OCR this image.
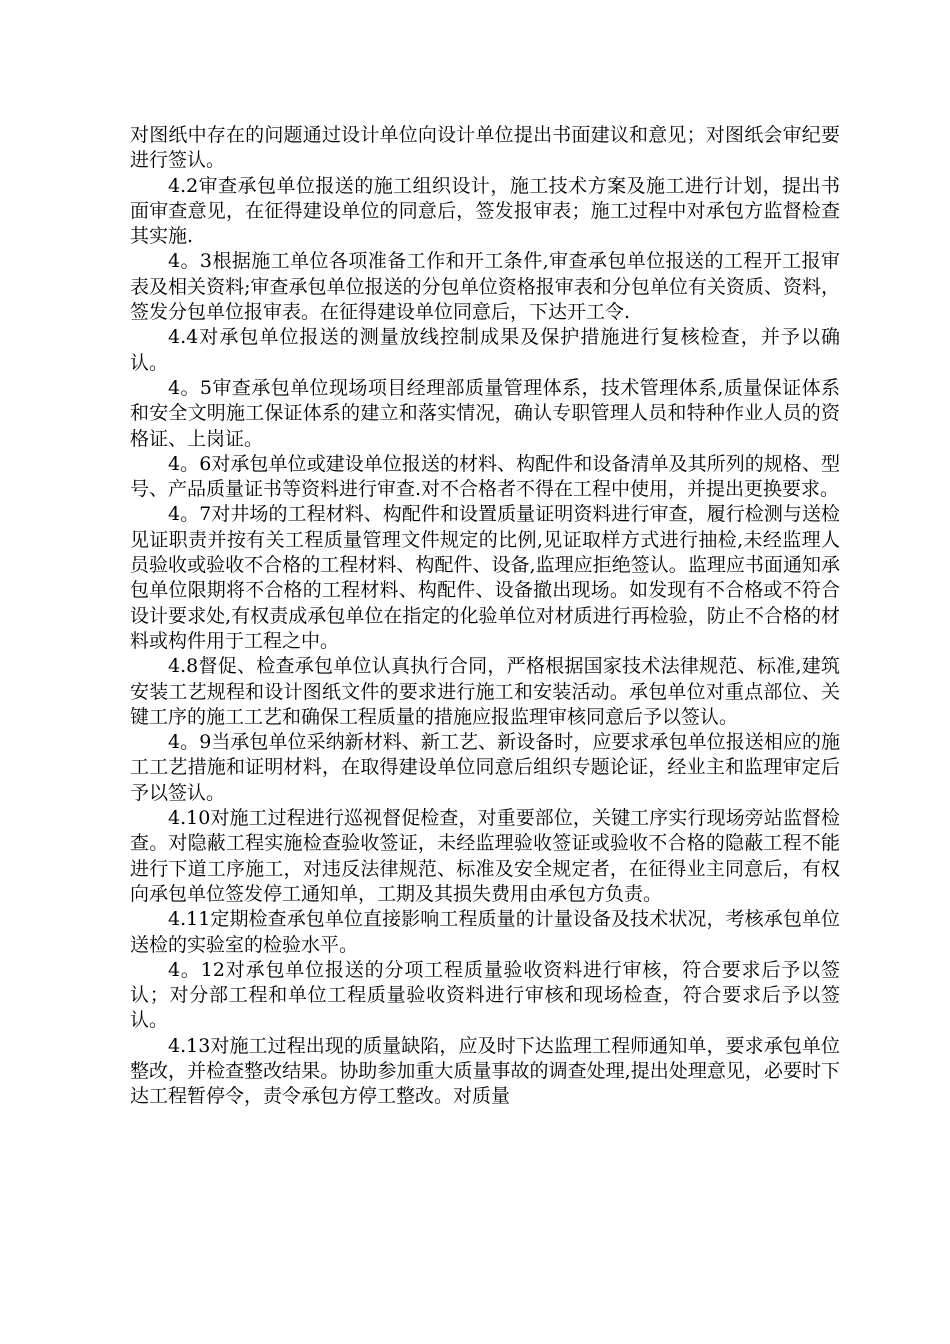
对图纸中存在的问题通过设计单位向设计单位提出书面建议和意见；对图纸会审纪要进行签认。

4.2审查承包单位报送的施工组织设计，施工技术方案及施工进行计划，提出书面审查意见，在征得建设单位的同意后，签发报审表；施工过程中对承包方监督检查其实施.

4。3根据施工单位各项准备工作和开工条件,审查承包单位报送的工程开工报审表及相关资料;审查承包单位报送的分包单位资格报审表和分包单位有关资质、资料，签发分包单位报审表。在征得建设单位同意后，下达开工令.

4.4对承包单位报送的测量放线控制成果及保护措施进行复核检查，并予以确认。

4。5审查承包单位现场项目经理部质量管理体系，技术管理体系,质量保证体系和安全文明施工保证体系的建立和落实情况，确认专职管理人员和特种作业人员的资格证、上岗证。

4。6对承包单位或建设单位报送的材料、构配件和设备清单及其所列的规格、型号、产品质量证书等资料进行审查.对不合格者不得在工程中使用，并提出更换要求。

4。7对井场的工程材料、构配件和设置质量证明资料进行审查，履行检测与送检见证职责并按有关工程质量管理文件规定的比例,见证取样方式进行抽检,未经监理人员验收或验收不合格的工程材料、构配件、设备,监理应拒绝签认。监理应书面通知承包单位限期将不合格的工程材料、构配件、设备撤出现场。如发现有不合格或不符合设计要求处,有权责成承包单位在指定的化验单位对材质进行再检验，防止不合格的材料或构件用于工程之中。

4.8督促、检查承包单位认真执行合同，严格根据国家技术法律规范、标准,建筑安装工艺规程和设计图纸文件的要求进行施工和安装活动。承包单位对重点部位、关键工序的施工工艺和确保工程质量的措施应报监理审核同意后予以签认。

4。9当承包单位采纳新材料、新工艺、新设备时，应要求承包单位报送相应的施工工艺措施和证明材料，在取得建设单位同意后组织专题论证，经业主和监理审定后予以签认。

4.10对施工过程进行巡视督促检查，对重要部位，关键工序实行现场旁站监督检查。对隐蔽工程实施检查验收签证，未经监理验收签证或验收不合格的隐蔽工程不能进行下道工序施工，对违反法律规范、标准及安全规定者，在征得业主同意后，有权向承包单位签发停工通知单，工期及其损失费用由承包方负责。

4.11定期检查承包单位直接影响工程质量的计量设备及技术状况，考核承包单位送检的实验室的检验水平。

4。12对承包单位报送的分项工程质量验收资料进行审核，符合要求后予以签认；对分部工程和单位工程质量验收资料进行审核和现场检查，符合要求后予以签认。

4.13对施工过程出现的质量缺陷，应及时下达监理工程师通知单，要求承包单位整改，并检查整改结果。协助参加重大质量事故的调查处理,提出处理意见，必要时下达工程暂停令，责令承包方停工整改。对质量
